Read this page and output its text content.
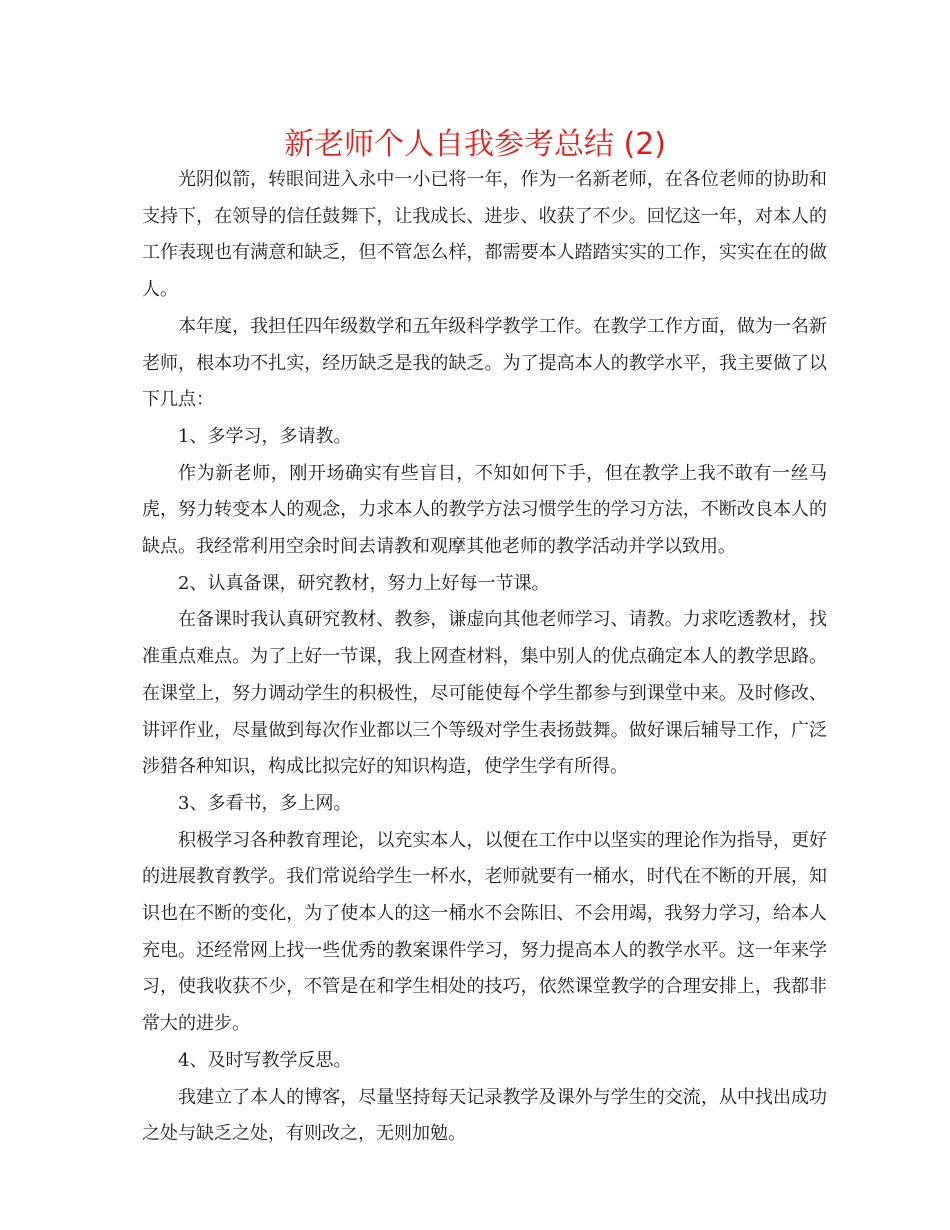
新老师个人自我参考总结 (2)

光阴似箭，转眼间进入永中一小已将一年，作为一名新老师，在各位老师的协助和支持下，在领导的信任鼓舞下，让我成长、进步、收获了不少。回忆这一年，对本人的工作表现也有满意和缺乏，但不管怎么样，都需要本人踏踏实实的工作，实实在在的做人。

本年度，我担任四年级数学和五年级科学教学工作。在教学工作方面，做为一名新老师，根本功不扎实，经历缺乏是我的缺乏。为了提高本人的教学水平，我主要做了以下几点：

1、多学习，多请教。

作为新老师，刚开场确实有些盲目，不知如何下手，但在教学上我不敢有一丝马虎，努力转变本人的观念，力求本人的教学方法习惯学生的学习方法，不断改良本人的缺点。我经常利用空余时间去请教和观摩其他老师的教学活动并学以致用。

2、认真备课，研究教材，努力上好每一节课。

在备课时我认真研究教材、教参，谦虚向其他老师学习、请教。力求吃透教材，找准重点难点。为了上好一节课，我上网查材料，集中别人的优点确定本人的教学思路。在课堂上，努力调动学生的积极性，尽可能使每个学生都参与到课堂中来。及时修改、讲评作业，尽量做到每次作业都以三个等级对学生表扬鼓舞。做好课后辅导工作，广泛涉猎各种知识，构成比拟完好的知识构造，使学生学有所得。

3、多看书，多上网。

积极学习各种教育理论，以充实本人，以便在工作中以坚实的理论作为指导，更好的进展教育教学。我们常说给学生一杯水，老师就要有一桶水，时代在不断的开展，知识也在不断的变化，为了使本人的这一桶水不会陈旧、不会用竭，我努力学习，给本人充电。还经常网上找一些优秀的教案课件学习，努力提高本人的教学水平。这一年来学习，使我收获不少，不管是在和学生相处的技巧，依然课堂教学的合理安排上，我都非常大的进步。

4、及时写教学反思。

我建立了本人的博客，尽量坚持每天记录教学及课外与学生的交流，从中找出成功之处与缺乏之处，有则改之，无则加勉。
